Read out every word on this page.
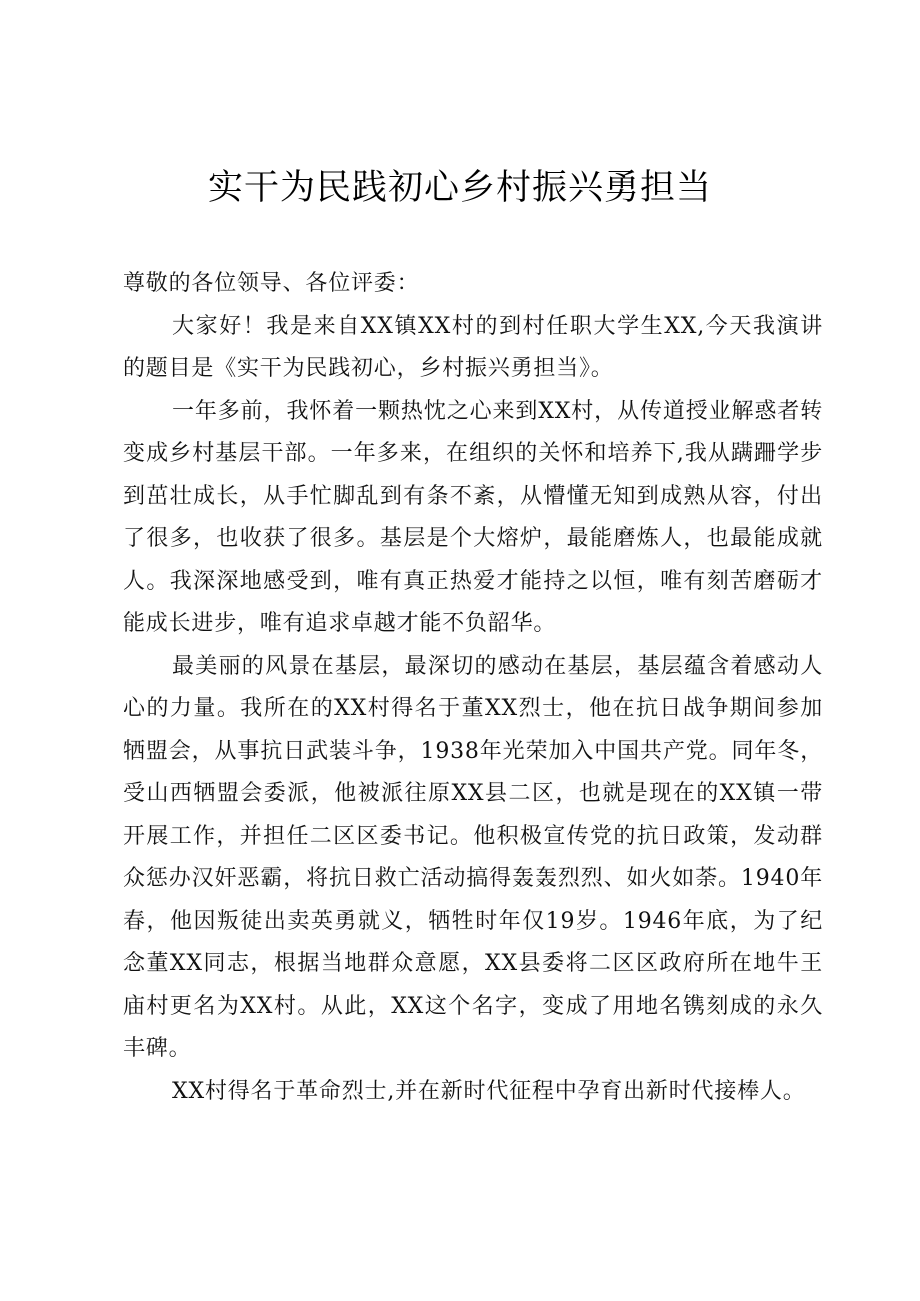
实干为民践初心乡村振兴勇担当

尊敬的各位领导、各位评委：

大家好！我是来自XX镇XX村的到村任职大学生XX,今天我演讲的题目是《实干为民践初心，乡村振兴勇担当》。

一年多前，我怀着一颗热忱之心来到XX村，从传道授业解惑者转变成乡村基层干部。一年多来，在组织的关怀和培养下,我从蹒跚学步到茁壮成长，从手忙脚乱到有条不紊，从懵懂无知到成熟从容，付出了很多，也收获了很多。基层是个大熔炉，最能磨炼人，也最能成就人。我深深地感受到，唯有真正热爱才能持之以恒，唯有刻苦磨砺才能成长进步，唯有追求卓越才能不负韶华。

最美丽的风景在基层，最深切的感动在基层，基层蕴含着感动人心的力量。我所在的XX村得名于董XX烈士，他在抗日战争期间参加牺盟会，从事抗日武装斗争，1938年光荣加入中国共产党。同年冬，受山西牺盟会委派，他被派往原XX县二区，也就是现在的XX镇一带开展工作，并担任二区区委书记。他积极宣传党的抗日政策，发动群众惩办汉奸恶霸，将抗日救亡活动搞得轰轰烈烈、如火如荼。1940年春，他因叛徒出卖英勇就义，牺牲时年仅19岁。1946年底，为了纪念董XX同志，根据当地群众意愿，XX县委将二区区政府所在地牛王庙村更名为XX村。从此，XX这个名字，变成了用地名镌刻成的永久丰碑。

XX村得名于革命烈士,并在新时代征程中孕育出新时代接棒人。
